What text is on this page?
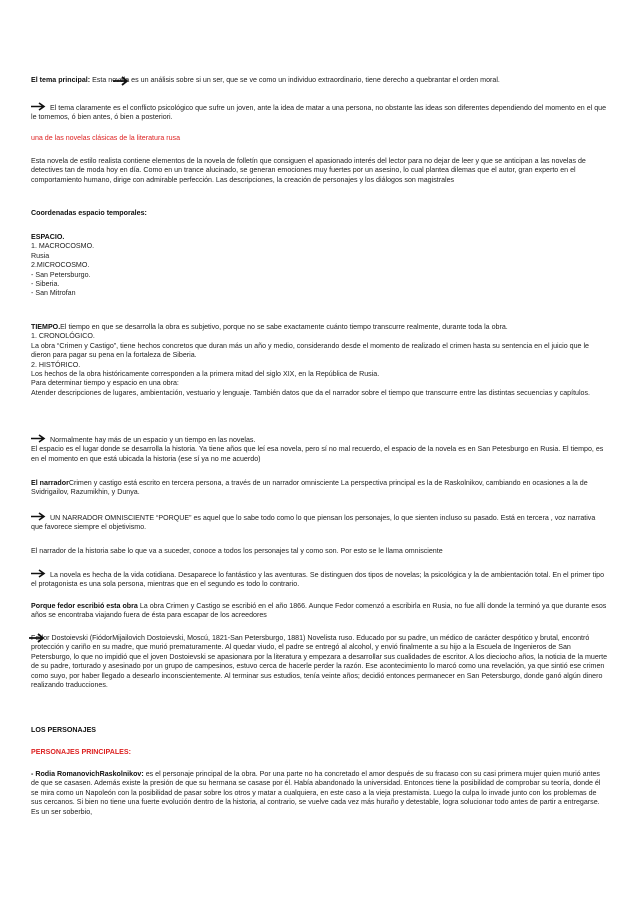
El tema principal: Esta novela es un análisis sobre si un ser, que se ve como un individuo extraordinario, tiene derecho a quebrantar el orden moral.

El tema claramente es el conflicto psicológico que sufre un joven, ante la idea de matar a una persona, no obstante las ideas son diferentes dependiendo del momento en el que le tomemos, ó bien antes, ó bien a posteriori.

una de las novelas clásicas de la literatura rusa

Esta novela de estilo realista contiene elementos de la novela de folletín que consiguen el apasionado interés del lector para no dejar de leer y que se anticipan a las novelas de detectives tan de moda hoy en día. Como en un trance alucinado, se generan emociones muy fuertes por un asesino, lo cual plantea dilemas que el autor, gran experto en el comportamiento humano, dirige con admirable perfección. Las descripciones, la creación de personajes y los diálogos son magistrales

Coordenadas espacio temporales:

ESPACIO.
1. MACROCOSMO.
Rusia
2.MICROCOSMO.
- San Petersburgo.
- Siberia.
- San Mitrofan
TIEMPO.El tiempo en que se desarrolla la obra es subjetivo, porque no se sabe exactamente cuánto tiempo transcurre realmente, durante toda la obra.
1. CRONOLÓGICO.
La obra “Crimen y Castigo”, tiene hechos concretos que duran más un año y medio, considerando desde el momento de realizado el crimen hasta su sentencia en el juicio que le dieron para pagar su pena en la fortaleza de Siberia.
2. HISTÓRICO.
Los hechos de la obra históricamente corresponden a la primera mitad del siglo XIX, en la República de Rusia.
Para determinar tiempo y espacio en una obra:
Atender descripciones de lugares, ambientación, vestuario y lenguaje. También datos que da el narrador sobre el tiempo que transcurre entre las distintas secuencias y capítulos.
Normalmente hay más de un espacio y un tiempo en las novelas.
El espacio es el lugar donde se desarrolla la historia. Ya tiene años que leí esa novela, pero sí no mal recuerdo, el espacio de la novela es en San Petesburgo en Rusia. El tiempo, es en el momento en que está ubicada la historia (ese sí ya no me acuerdo)

El narradorCrimen y castigo está escrito en tercera persona, a través de un narrador omnisciente La perspectiva principal es la de Raskolnikov, cambiando en ocasiones a la de Svidrigailov, Razumikhin, y Dunya.

UN NARRADOR OMNISCIENTE “PORQUE” es aquel que lo sabe todo como lo que piensan los personajes, lo que sienten incluso su pasado. Está en tercera , voz narrativa que favorece siempre el objetivismo.

El narrador de la historia sabe lo que va a suceder, conoce a todos los personajes tal y como son. Por esto se le llama omnisciente

La novela es hecha de la vida cotidiana. Desaparece lo fantástico y las aventuras. Se distinguen dos tipos de novelas; la psicológica y la de ambientación total. En el primer tipo el protagonista es una sola persona, mientras que en el segundo es todo lo contrario.

Porque fedor escribió esta obra La obra Crimen y Castigo se escribió en el año 1866. Aunque Fedor comenzó a escribirla en Rusia, no fue allí donde la terminó ya que durante esos años se encontraba viajando fuera de ésta para escapar de los acreedores

Fedor Dostoievski (FiódorMijailovich Dostoievski, Moscú, 1821-San Petersburgo, 1881) Novelista ruso. Educado por su padre, un médico de carácter despótico y brutal, encontró protección y cariño en su madre, que murió prematuramente. Al quedar viudo, el padre se entregó al alcohol, y envió finalmente a su hijo a la Escuela de Ingenieros de San Petersburgo, lo que no impidió que el joven Dostoievski se apasionara por la literatura y empezara a desarrollar sus cualidades de escritor. A los dieciocho años, la noticia de la muerte de su padre, torturado y asesinado por un grupo de campesinos, estuvo cerca de hacerle perder la razón. Ese acontecimiento lo marcó como una revelación, ya que sintió ese crimen como suyo, por haber llegado a desearlo inconscientemente. Al terminar sus estudios, tenía veinte años; decidió entonces permanecer en San Petersburgo, donde ganó algún dinero realizando traducciones.

LOS PERSONAJES

PERSONAJES PRINCIPALES:

- Rodia RomanovichRaskolnikov: es el personaje principal de la obra. Por una parte no ha concretado el amor después de su fracaso con su casi primera mujer quien murió antes de que se casasen. Además existe la presión de que su hermana se casase por él. Había abandonado la universidad. Entonces tiene la posibilidad de comprobar su teoría, donde él se mira como un Napoleón con la posibilidad de pasar sobre los otros y matar a cualquiera, en este caso a la vieja prestamista. Luego la culpa lo invade junto con los problemas de sus cercanos. Si bien no tiene una fuerte evolución dentro de la historia, al contrario, se vuelve cada vez más huraño y detestable, logra solucionar todo antes de partir a entregarse. Es un ser soberbio,
